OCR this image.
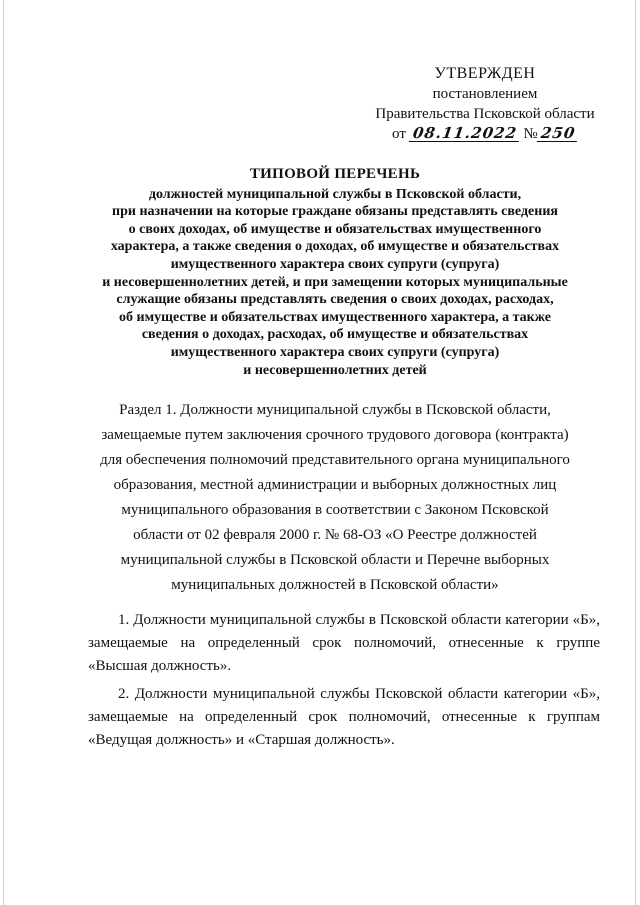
УТВЕРЖДЕН
постановлением
Правительства Псковской области
от 08.11.2022 № 250
ТИПОВОЙ ПЕРЕЧЕНЬ
должностей муниципальной службы в Псковской области,
при назначении на которые граждане обязаны представлять сведения
о своих доходах, об имуществе и обязательствах имущественного
характера, а также сведения о доходах, об имуществе и обязательствах
имущественного характера своих супруги (супруга)
и несовершеннолетних детей, и при замещении которых муниципальные
служащие обязаны представлять сведения о своих доходах, расходах,
об имуществе и обязательствах имущественного характера, а также
сведения о доходах, расходах, об имуществе и обязательствах
имущественного характера своих супруги (супруга)
и несовершеннолетних детей
Раздел 1. Должности муниципальной службы в Псковской области,
замещаемые путем заключения срочного трудового договора (контракта)
для обеспечения полномочий представительного органа муниципального
образования, местной администрации и выборных должностных лиц
муниципального образования в соответствии с Законом Псковской
области от 02 февраля 2000 г. № 68-ОЗ «О Реестре должностей
муниципальной службы в Псковской области и Перечне выборных
муниципальных должностей в Псковской области»
1. Должности муниципальной службы в Псковской области категории «Б», замещаемые на определенный срок полномочий, отнесенные к группе «Высшая должность».
2. Должности муниципальной службы Псковской области категории «Б», замещаемые на определенный срок полномочий, отнесенные к группам «Ведущая должность» и «Старшая должность».
